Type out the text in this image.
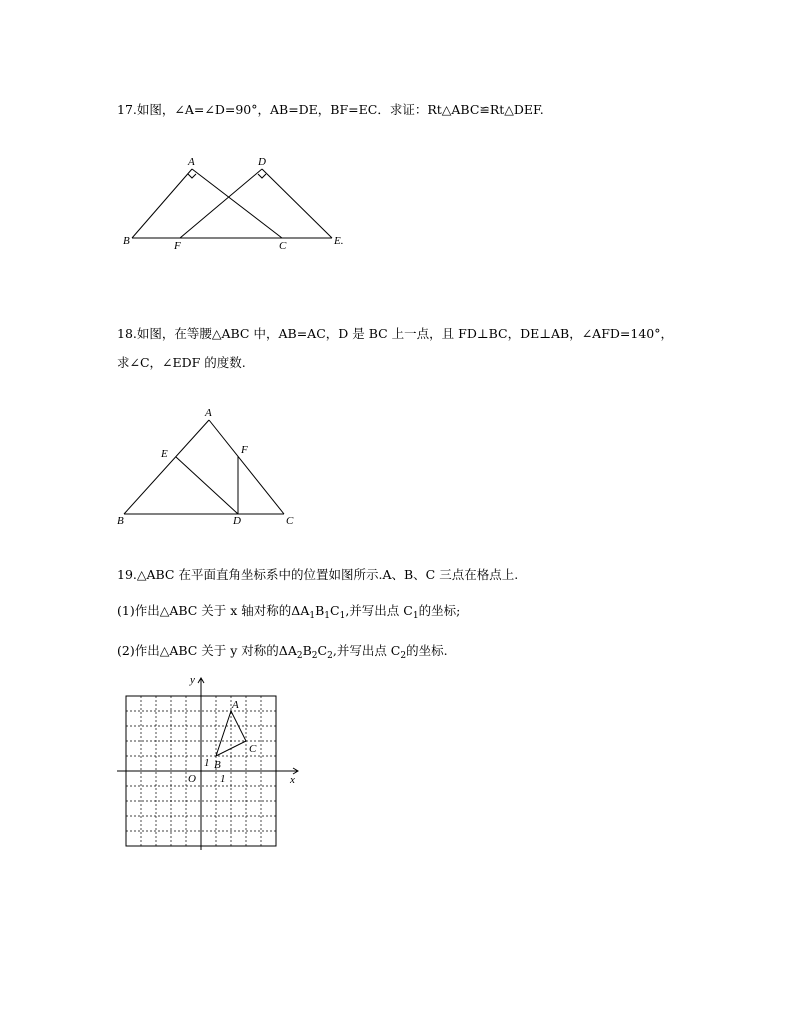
17.如图，∠A=∠D=90°，AB=DE，BF=EC．求证：Rt△ABC≌Rt△DEF.
A	D
B	F	C	E.
18.如图，在等腰△ABC 中，AB=AC，D 是 BC 上一点，且 FD⊥BC，DE⊥AB，∠AFD=140°，
求∠C，∠EDF 的度数.
A
E	F
B	D	C
19.△ABC 在平面直角坐标系中的位置如图所示.A、B、C 三点在格点上.
(1)作出△ABC 关于 x 轴对称的$\Delta A_1B_1C_1$,并写出点 $C_1$的坐标;
(2)作出△ABC 关于 y 对称的$\Delta A_2B_2C_2$,并写出点 $C_2$的坐标.
y
x
O
1
1
A
B
C
